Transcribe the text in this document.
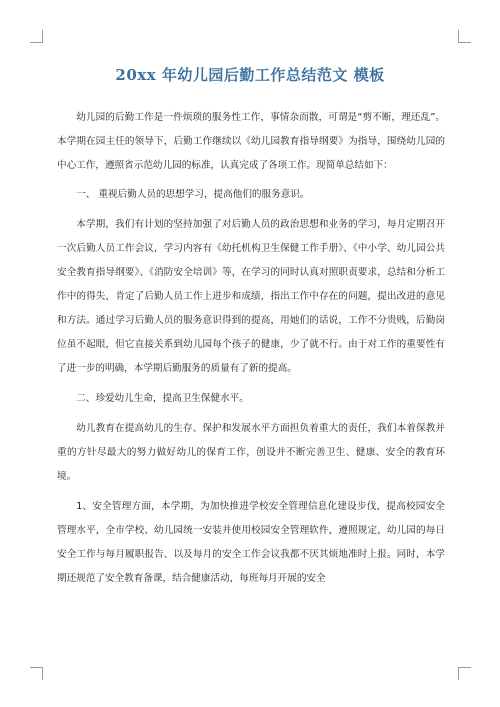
20xx 年幼儿园后勤工作总结范文 模板

幼儿园的后勤工作是一件烦琐的服务性工作，事情杂而散，可谓是“剪不断，理还乱”。本学期在园主任的领导下，后勤工作继续以《幼儿园教育指导纲要》为指导，围绕幼儿园的中心工作，遵照省示范幼儿园的标准，认真完成了各项工作。现简单总结如下：

一、 重视后勤人员的思想学习，提高他们的服务意识。

本学期，我们有计划的坚持加强了对后勤人员的政治思想和业务的学习，每月定期召开一次后勤人员工作会议，学习内容有《幼托机构卫生保健工作手册》、《中小学、幼儿园公共安全教育指导纲要》、《消防安全培训》等，在学习的同时认真对照职责要求，总结和分析工作中的得失，肯定了后勤人员工作上进步和成绩，指出工作中存在的问题，提出改进的意见和方法。通过学习后勤人员的服务意识得到的提高，用她们的话说，工作不分贵贱，后勤岗位虽不起眼，但它直接关系到幼儿园每个孩子的健康，少了就不行。由于对工作的重要性有了进一步的明确，本学期后勤服务的质量有了新的提高。

二、珍爱幼儿生命，提高卫生保健水平。

幼儿教育在提高幼儿的生存、保护和发展水平方面担负着重大的责任，我们本着保教并重的方针尽最大的努力做好幼儿的保育工作，创设并不断完善卫生、健康、安全的教育环境。

1、安全管理方面，本学期，为加快推进学校安全管理信息化建设步伐，提高校园安全管理水平，全市学校、幼儿园统一安装并使用校园安全管理软件，遵照规定，幼儿园的每日安全工作与每月履职报告、以及每月的安全工作会议我都不厌其烦地准时上报。同时，本学期还规范了安全教育备课，结合健康活动，每班每月开展的安全
